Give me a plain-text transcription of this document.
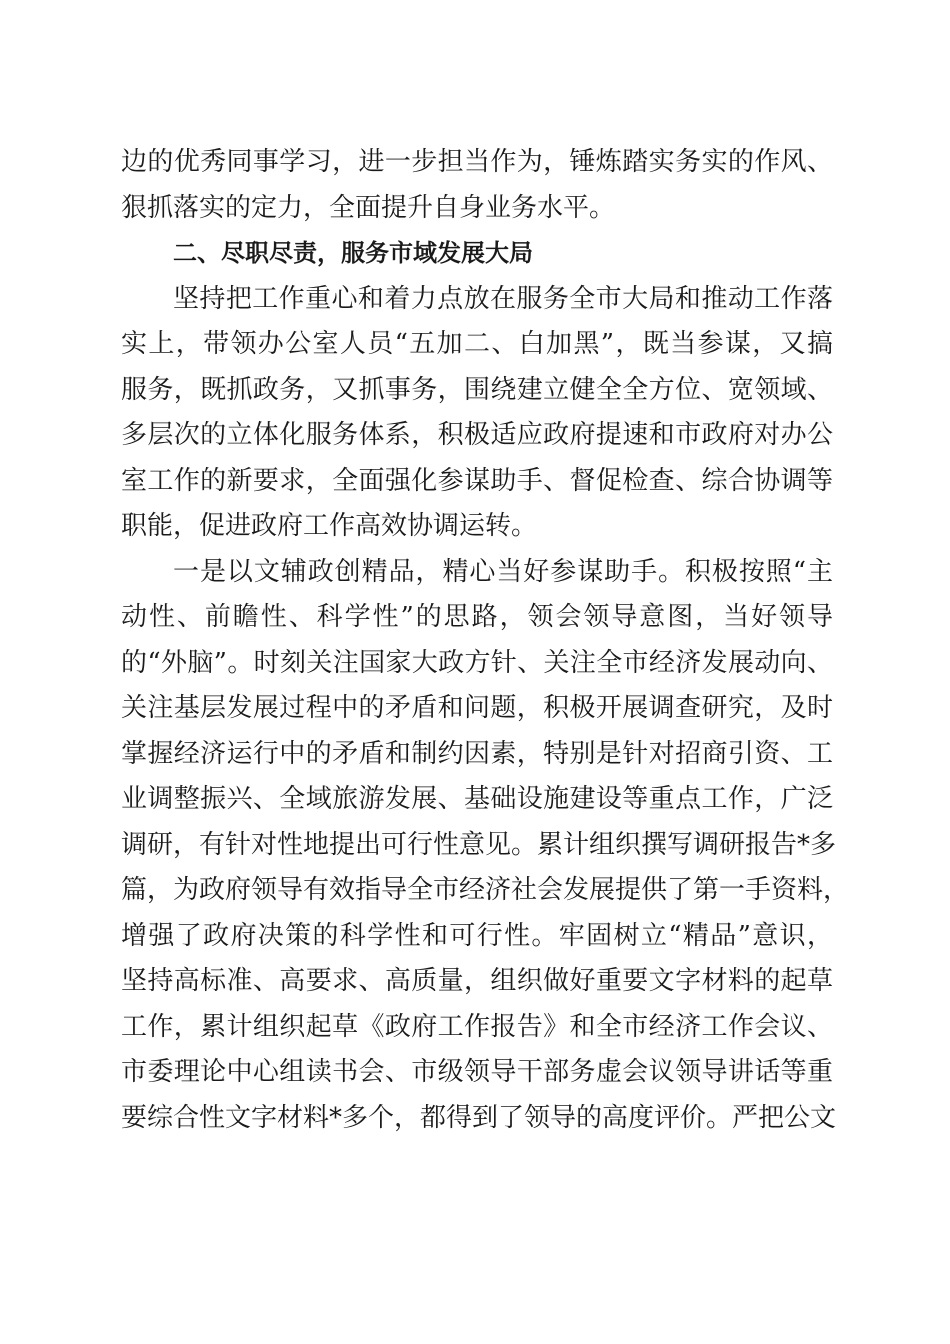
边的优秀同事学习，进一步担当作为，锤炼踏实务实的作风、
狠抓落实的定力，全面提升自身业务水平。
二、尽职尽责，服务市域发展大局
坚持把工作重心和着力点放在服务全市大局和推动工作落
实上，带领办公室人员“五加二、白加黑”，既当参谋，又搞
服务，既抓政务，又抓事务，围绕建立健全全方位、宽领域、
多层次的立体化服务体系，积极适应政府提速和市政府对办公
室工作的新要求，全面强化参谋助手、督促检查、综合协调等
职能，促进政府工作高效协调运转。
一是以文辅政创精品，精心当好参谋助手。积极按照“主
动性、前瞻性、科学性”的思路，领会领导意图，当好领导
的“外脑”。时刻关注国家大政方针、关注全市经济发展动向、
关注基层发展过程中的矛盾和问题，积极开展调查研究，及时
掌握经济运行中的矛盾和制约因素，特别是针对招商引资、工
业调整振兴、全域旅游发展、基础设施建设等重点工作，广泛
调研，有针对性地提出可行性意见。累计组织撰写调研报告*多
篇，为政府领导有效指导全市经济社会发展提供了第一手资料，
增强了政府决策的科学性和可行性。牢固树立“精品”意识，
坚持高标准、高要求、高质量，组织做好重要文字材料的起草
工作，累计组织起草《政府工作报告》和全市经济工作会议、
市委理论中心组读书会、市级领导干部务虚会议领导讲话等重
要综合性文字材料*多个，都得到了领导的高度评价。严把公文
